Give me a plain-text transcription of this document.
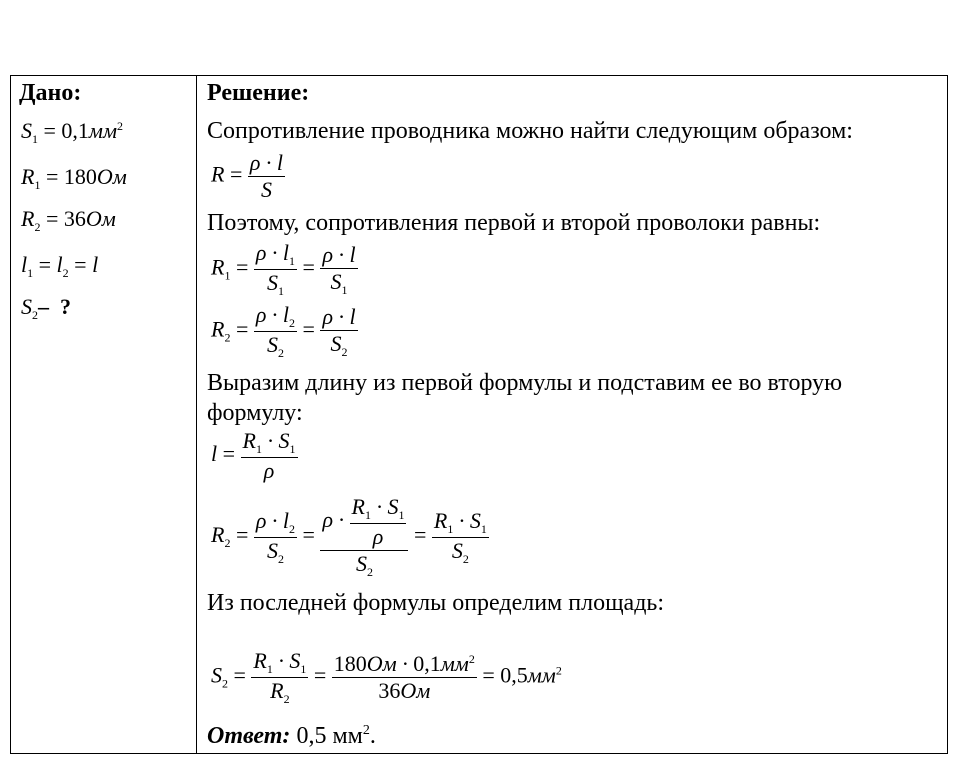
Дано:
$S_1 = 0,1мм^2$
$R_1 = 180Ом$
$R_2 = 36Ом$
$l_1 = l_2 = l$
$S_2-$  ?
Решение:
Сопротивление проводника можно найти следующим образом:
$R = \frac{\rho \cdot l}{S}$
Поэтому, сопротивления первой и второй проволоки равны:
$R_1 = \frac{\rho \cdot l_1}{S_1} = \frac{\rho \cdot l}{S_1}$
$R_2 = \frac{\rho \cdot l_2}{S_2} = \frac{\rho \cdot l}{S_2}$
Выразим длину из первой формулы и подставим ее во вторую
формулу:
$l = \frac{R_1 \cdot S_1}{\rho}$
$R_2 = \frac{\rho \cdot l_2}{S_2} = \frac{\rho \cdot \frac{R_1 \cdot S_1}{\rho}}{S_2} = \frac{R_1 \cdot S_1}{S_2}$
Из последней формулы определим площадь:
$S_2 = \frac{R_1 \cdot S_1}{R_2} = \frac{180Ом \cdot 0,1мм^2}{36Ом} = 0,5мм^2$
Ответ: 0,5 $мм^2$.
